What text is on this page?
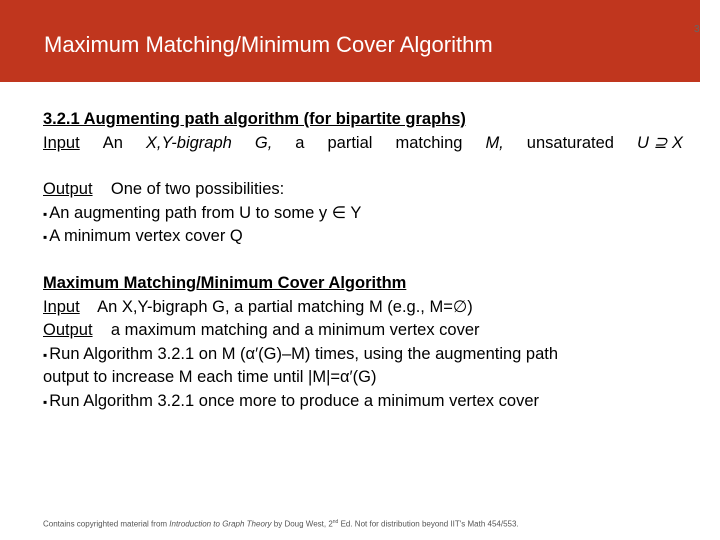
Maximum Matching/Minimum Cover Algorithm
3
3.2.1 Augmenting path algorithm (for bipartite graphs)
Input An X,Y-bigraph G, a partial matching M, unsaturated U ⊇ X
Output One of two possibilities:
▪ An augmenting path from U to some y ∈ Y
▪ A minimum vertex cover Q
Maximum Matching/Minimum Cover Algorithm
Input An X,Y-bigraph G, a partial matching M (e.g., M=∅)
Output a maximum matching and a minimum vertex cover
▪ Run Algorithm 3.2.1 on M (α′(G)–M) times, using the augmenting path
output to increase M each time until |M|=α′(G)
▪ Run Algorithm 3.2.1 once more to produce a minimum vertex cover
Contains copyrighted material from Introduction to Graph Theory by Doug West, 2nd Ed. Not for distribution beyond IIT's Math 454/553.
